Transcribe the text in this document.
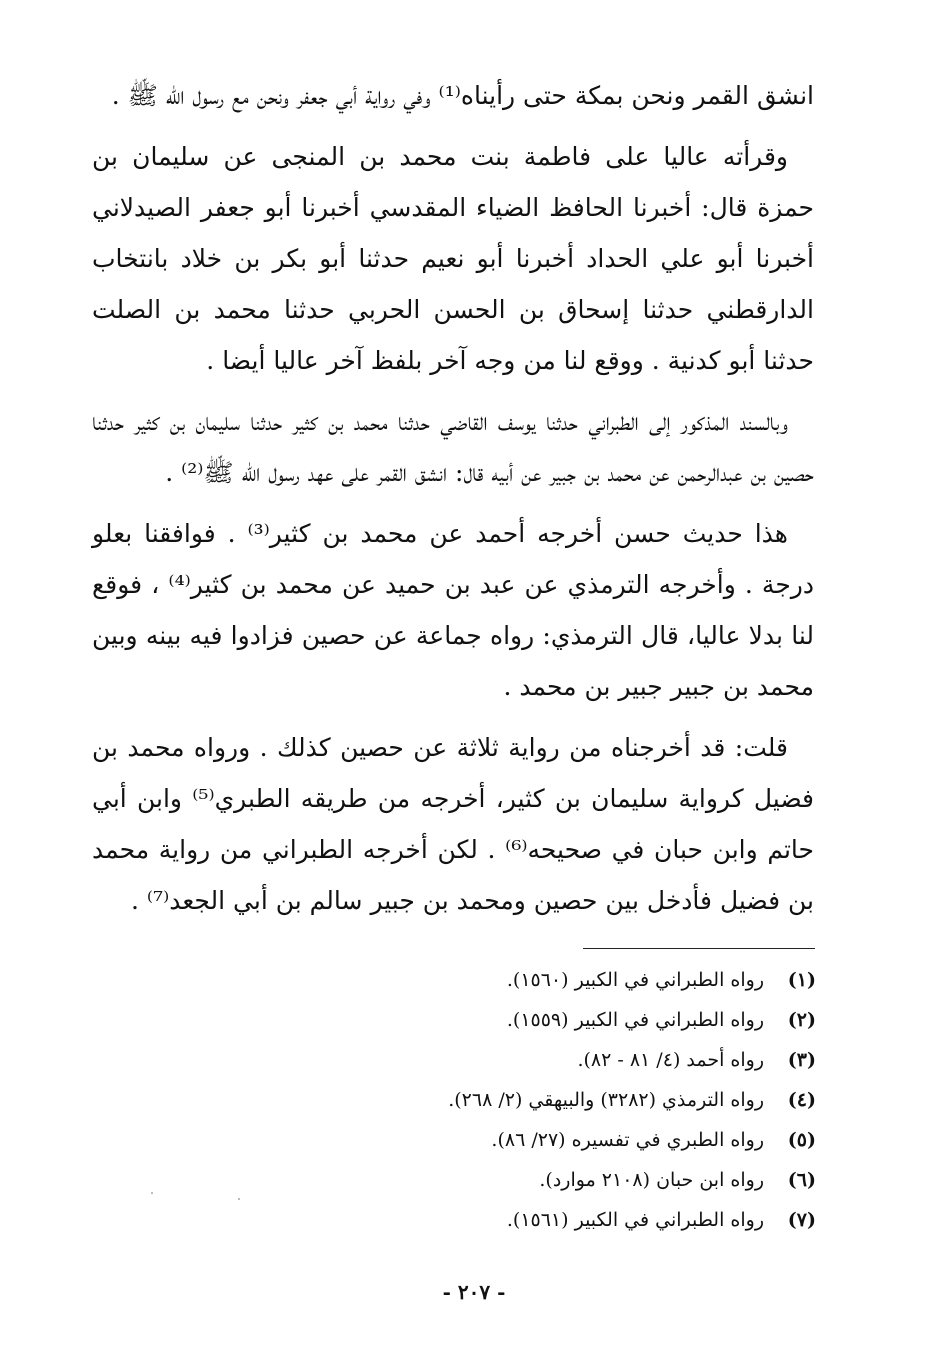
انشق القمر ونحن بمكة حتى رأيناه⁽¹⁾ وفي رواية أبي جعفر ونحن مع رسول الله ﷺ .

وقرأته عاليا على فاطمة بنت محمد بن المنجى عن سليمان بن حمزة قال: أخبرنا الحافظ الضياء المقدسي أخبرنا أبو جعفر الصيدلاني أخبرنا أبو علي الحداد أخبرنا أبو نعيم حدثنا أبو بكر بن خلاد بانتخاب الدارقطني حدثنا إسحاق بن الحسن الحربي حدثنا محمد بن الصلت حدثنا أبو كدنية . ووقع لنا من وجه آخر بلفظ آخر عاليا أيضا .

وبالسند المذكور إلى الطبراني حدثنا يوسف القاضي حدثنا محمد بن كثير حدثنا سليمان بن كثير حدثنا حصين بن عبدالرحمن عن محمد بن جبير عن أبيه قال: انشق القمر على عهد رسول الله ﷺ⁽²⁾ .

هذا حديث حسن أخرجه أحمد عن محمد بن كثير⁽³⁾ . فوافقنا بعلو درجة . وأخرجه الترمذي عن عبد بن حميد عن محمد بن كثير⁽⁴⁾ ، فوقع لنا بدلا عاليا، قال الترمذي: رواه جماعة عن حصين فزادوا فيه بينه وبين محمد بن جبير جبير بن محمد .

قلت: قد أخرجناه من رواية ثلاثة عن حصين كذلك . ورواه محمد بن فضيل كرواية سليمان بن كثير، أخرجه من طريقه الطبري⁽⁵⁾ وابن أبي حاتم وابن حبان في صحيحه⁽⁶⁾ . لكن أخرجه الطبراني من رواية محمد بن فضيل فأدخل بين حصين ومحمد بن جبير سالم بن أبي الجعد⁽⁷⁾ .

(١)رواه الطبراني في الكبير (١٥٦٠).
(٢)رواه الطبراني في الكبير (١٥٥٩).
(٣)رواه أحمد (٤/ ٨١ - ٨٢).
(٤)رواه الترمذي (٣٢٨٢) والبيهقي (٢/ ٢٦٨).
(٥)رواه الطبري في تفسيره (٢٧/ ٨٦).
(٦)رواه ابن حبان (٢١٠٨ موارد).
(٧)رواه الطبراني في الكبير (١٥٦١).
- ٢٠٧ -
